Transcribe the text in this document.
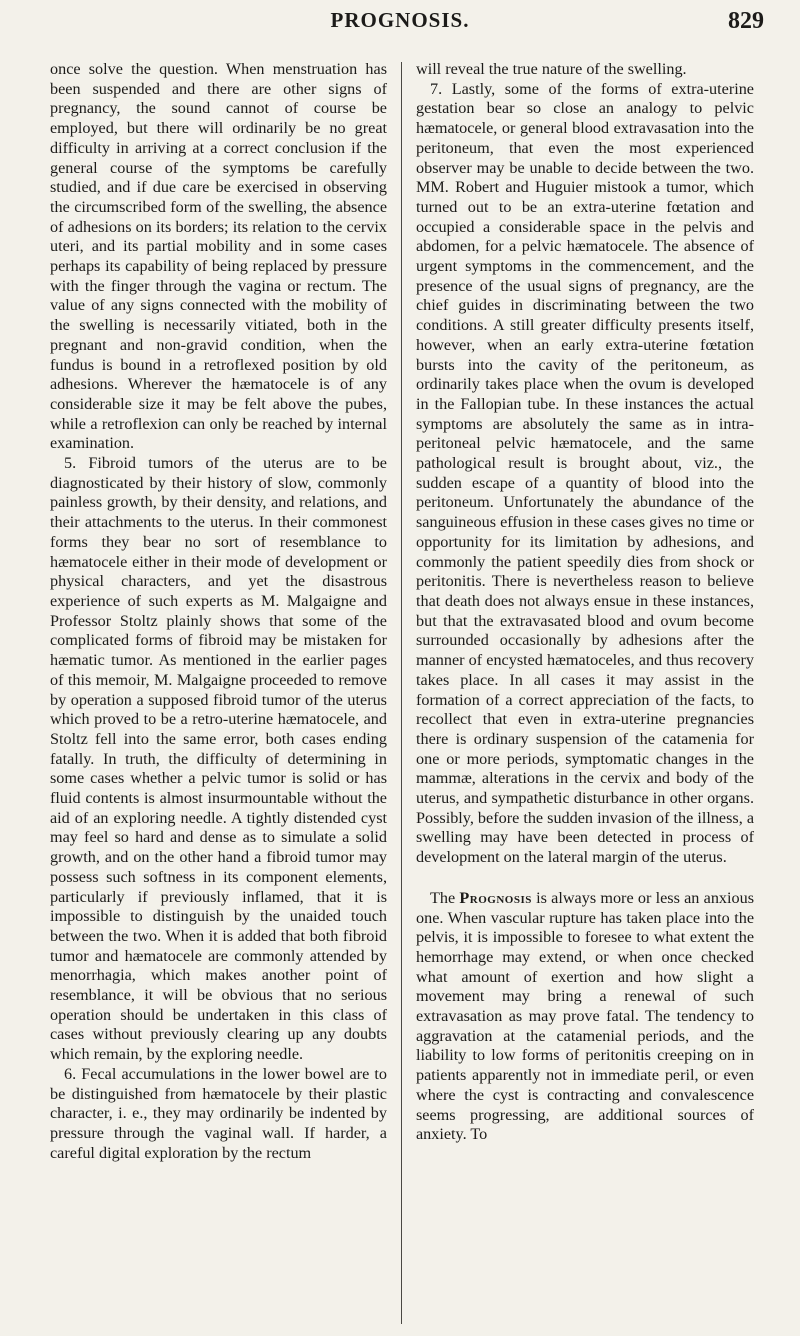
PROGNOSIS.	829

once solve the question. When menstruation has been suspended and there are other signs of pregnancy, the sound cannot of course be employed, but there will ordinarily be no great difficulty in arriving at a correct conclusion if the general course of the symptoms be carefully studied, and if due care be exercised in observing the circumscribed form of the swelling, the absence of adhesions on its borders; its relation to the cervix uteri, and its partial mobility and in some cases perhaps its capability of being replaced by pressure with the finger through the vagina or rectum. The value of any signs connected with the mobility of the swelling is necessarily vitiated, both in the pregnant and non-gravid condition, when the fundus is bound in a retroflexed position by old adhesions. Wherever the hæmatocele is of any considerable size it may be felt above the pubes, while a retroflexion can only be reached by internal examination.

5. Fibroid tumors of the uterus are to be diagnosticated by their history of slow, commonly painless growth, by their density, and relations, and their attachments to the uterus. In their commonest forms they bear no sort of resemblance to hæmatocele either in their mode of development or physical characters, and yet the disastrous experience of such experts as M. Malgaigne and Professor Stoltz plainly shows that some of the complicated forms of fibroid may be mistaken for hæmatic tumor. As mentioned in the earlier pages of this memoir, M. Malgaigne proceeded to remove by operation a supposed fibroid tumor of the uterus which proved to be a retro-uterine hæmatocele, and Stoltz fell into the same error, both cases ending fatally. In truth, the difficulty of determining in some cases whether a pelvic tumor is solid or has fluid contents is almost insurmountable without the aid of an exploring needle. A tightly distended cyst may feel so hard and dense as to simulate a solid growth, and on the other hand a fibroid tumor may possess such softness in its component elements, particularly if previously inflamed, that it is impossible to distinguish by the unaided touch between the two. When it is added that both fibroid tumor and hæmatocele are commonly attended by menorrhagia, which makes another point of resemblance, it will be obvious that no serious operation should be undertaken in this class of cases without previously clearing up any doubts which remain, by the exploring needle.

6. Fecal accumulations in the lower bowel are to be distinguished from hæmatocele by their plastic character, i. e., they may ordinarily be indented by pressure through the vaginal wall. If harder, a careful digital exploration by the rectum

will reveal the true nature of the swelling.

7. Lastly, some of the forms of extra-uterine gestation bear so close an analogy to pelvic hæmatocele, or general blood extravasation into the peritoneum, that even the most experienced observer may be unable to decide between the two. MM. Robert and Huguier mistook a tumor, which turned out to be an extra-uterine fœtation and occupied a considerable space in the pelvis and abdomen, for a pelvic hæmatocele. The absence of urgent symptoms in the commencement, and the presence of the usual signs of pregnancy, are the chief guides in discriminating between the two conditions. A still greater difficulty presents itself, however, when an early extra-uterine fœtation bursts into the cavity of the peritoneum, as ordinarily takes place when the ovum is developed in the Fallopian tube. In these instances the actual symptoms are absolutely the same as in intra-peritoneal pelvic hæmatocele, and the same pathological result is brought about, viz., the sudden escape of a quantity of blood into the peritoneum. Unfortunately the abundance of the sanguineous effusion in these cases gives no time or opportunity for its limitation by adhesions, and commonly the patient speedily dies from shock or peritonitis. There is nevertheless reason to believe that death does not always ensue in these instances, but that the extravasated blood and ovum become surrounded occasionally by adhesions after the manner of encysted hæmatoceles, and thus recovery takes place. In all cases it may assist in the formation of a correct appreciation of the facts, to recollect that even in extra-uterine pregnancies there is ordinary suspension of the catamenia for one or more periods, symptomatic changes in the mammæ, alterations in the cervix and body of the uterus, and sympathetic disturbance in other organs. Possibly, before the sudden invasion of the illness, a swelling may have been detected in process of development on the lateral margin of the uterus.

The Prognosis is always more or less an anxious one. When vascular rupture has taken place into the pelvis, it is impossible to foresee to what extent the hemorrhage may extend, or when once checked what amount of exertion and how slight a movement may bring a renewal of such extravasation as may prove fatal. The tendency to aggravation at the catamenial periods, and the liability to low forms of peritonitis creeping on in patients apparently not in immediate peril, or even where the cyst is contracting and convalescence seems progressing, are additional sources of anxiety. To
